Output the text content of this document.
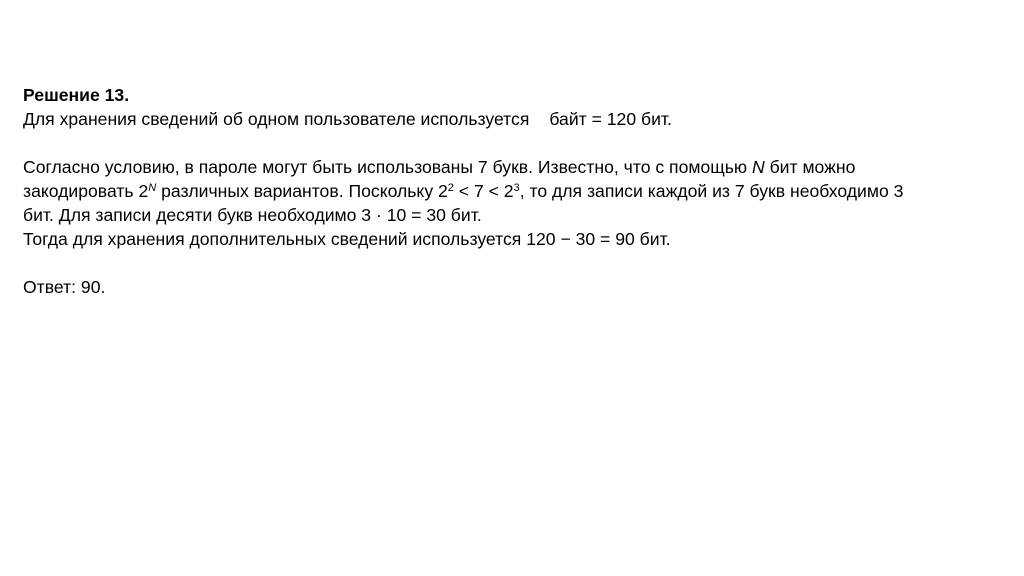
Решение 13.
Для хранения сведений об одном пользователе используется байт = 120 бит.
Согласно условию, в пароле могут быть использованы 7 букв. Известно, что с помощью N бит можно
закодировать $2^N$ различных вариантов. Поскольку $2^2 < 7 < 2^3$, то для записи каждой из 7 букв необходимо 3
бит. Для записи десяти букв необходимо 3 · 10 = 30 бит.
Тогда для хранения дополнительных сведений используется 120 − 30 = 90 бит.
Ответ: 90.
